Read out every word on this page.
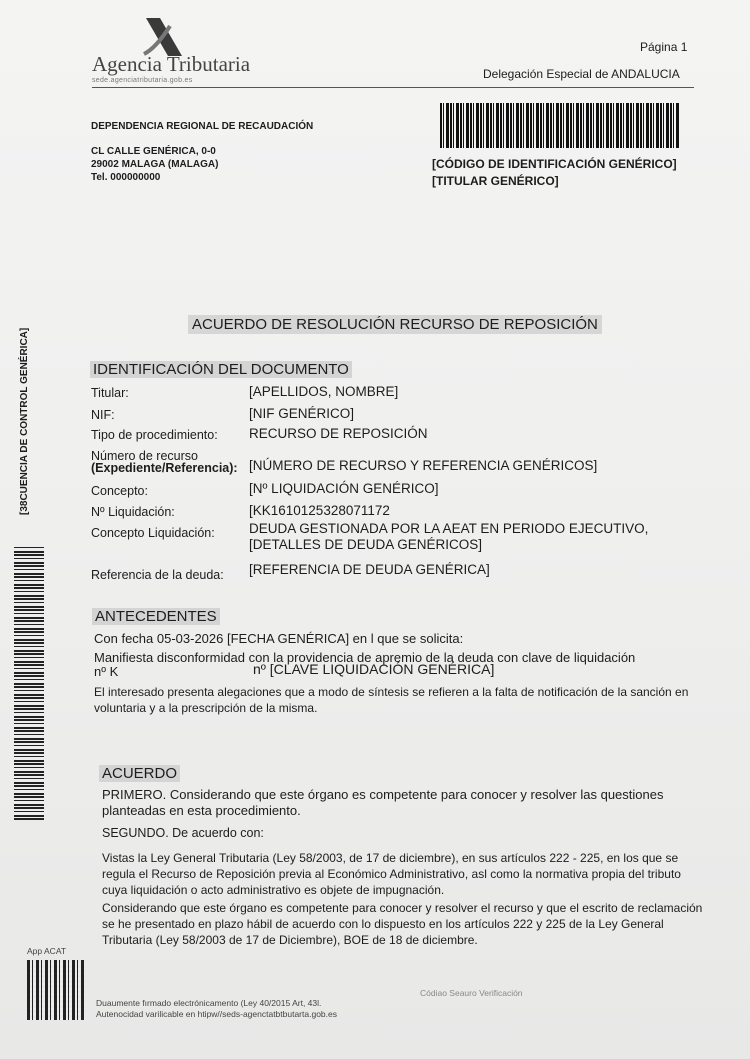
Agencia Tributaria
sede.agenciatributaria.gob.es
Página 1
Delegación Especial de ANDALUCIA
DEPENDENCIA REGIONAL DE RECAUDACIÓN
CL CALLE GENÉRICA, 0-0
29002 MALAGA (MALAGA)
Tel. 000000000
[CÓDIGO DE IDENTIFICACIÓN GENÉRICO]
[TITULAR GENÉRICO]
[38CUENCIA DE CONTROL GENÉRICA]
ACUERDO DE RESOLUCIÓN RECURSO DE REPOSICIÓN
IDENTIFICACIÓN DEL DOCUMENTO
Titular:	[APELLIDOS, NOMBRE]
NIF:	[NIF GENÉRICO]
Tipo de procedimiento: RECURSO DE REPOSICIÓN
Número de recurso
(Expediente/Referencia): [NÚMERO DE RECURSO Y REFERENCIA GENÉRICOS]
Concepto:	[Nº LIQUIDACIÓN GENÉRICO]
Nº Liquidación:	[KK1610125328071172
Concepto Liquidación:	DEUDA GESTIONADA POR LA AEAT EN PERIODO EJECUTIVO,
[DETALLES DE DEUDA GENÉRICOS]
Referencia de la deuda: [REFERENCIA DE DEUDA GENÉRICA]
ANTECEDENTES
Con fecha 05-03-2026 [FECHA GENÉRICA] en l que se solicita:
Manifiesta disconformidad con la providencia de apremio de la deuda con clave de liquidación
nº K	nº [CLAVE LIQUIDACIÓN GENÉRICA]
El interesado presenta alegaciones que a modo de síntesis se refieren a la falta de notificación de la sanción en voluntaria y a la prescripción de la misma.
ACUERDO
PRIMERO. Considerando que este órgano es competente para conocer y resolver las questiones planteadas en esta procedimiento.
SEGUNDO. De acuerdo con:
Vistas la Ley General Tributaria (Ley 58/2003, de 17 de diciembre), en sus artículos 222 - 225, en los que se regula el Recurso de Reposición previa al Económico Administrativo, asl como la normativa propia del tributo cuya liquidación o acto administrativo es objete de impugnación.
Considerando que este órgano es competente para conocer y resolver el recurso y que el escrito de reclamación se he presentado en plazo hábil de acuerdo con lo dispuesto en los artículos 222 y 225 de la Ley General Tributaria (Ley 58/2003 de 17 de Diciembre), BOE de 18 de diciembre.
App ACAT
Duaumente fırmado electrónicamento (Ley 40/2015 Art, 43l.
Autenocidad varilicable en htipw//seds-agenctatbtbutarta.gob.es
Códiao Seauro Verificación
